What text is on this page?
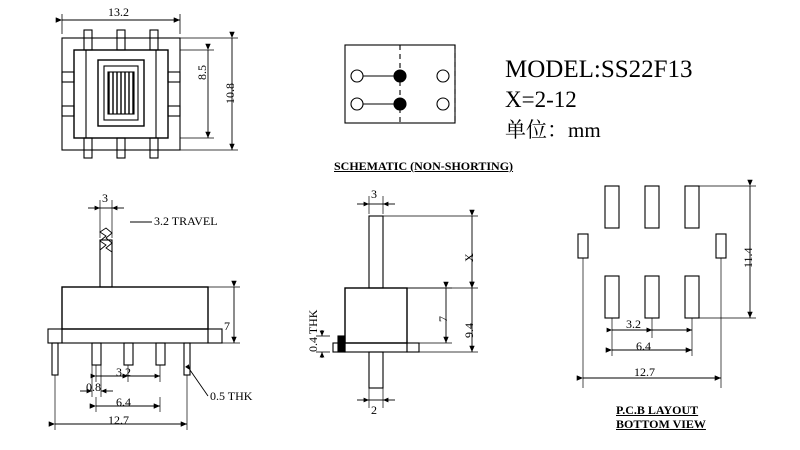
MODEL:SS22F13
X=2-12
单位：mm
13.2
8.5
10.8
SCHEMATIC (NON-SHORTING)
3
3.2 TRAVEL
7
3.2
0.8
6.4
12.7
0.5 THK
3
X
7
9.4
0.4 THK
2
11.4
3.2
6.4
12.7
P.C.B LAYOUT
BOTTOM VIEW
